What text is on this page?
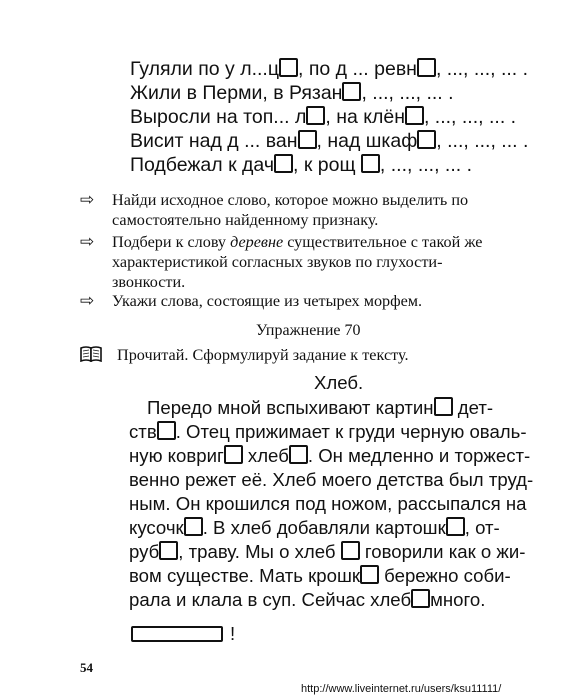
Гуляли по у л...ц , по д ... ревн , ..., ..., ... .
Жили в Перми, в Рязан , ..., ..., ... .
Выросли на топ... л , на клён , ..., ..., ... .
Висит над д ... ван , над шкаф , ..., ..., ... .
Подбежал к дач , к рощ , ..., ..., ... .
⇨ Найди исходное слово, которое можно выделить по
самостоятельно найденному признаку.
⇨ Подбери к слову деревне существительное с такой же
характеристикой согласных звуков по глухости-
звонкости.
⇨ Укажи слова, состоящие из четырех морфем.
Упражнение 70
Прочитай. Сформулируй задание к тексту.
Хлеб.
Передо мной вспыхивают картин дет-
ств . Отец прижимает к груди черную оваль-
ную ковриг хлеб . Он медленно и торжест-
венно режет её. Хлеб моего детства был труд-
ным. Он крошился под ножом, рассыпался на
кусочк . В хлеб добавляли картошк , от-
руб , траву. Мы о хлеб  говорили как о жи-
вом существе. Мать крошк бережно соби-
рала и клала в суп. Сейчас хлеб много.
!
54
http://www.liveinternet.ru/users/ksu11111/
